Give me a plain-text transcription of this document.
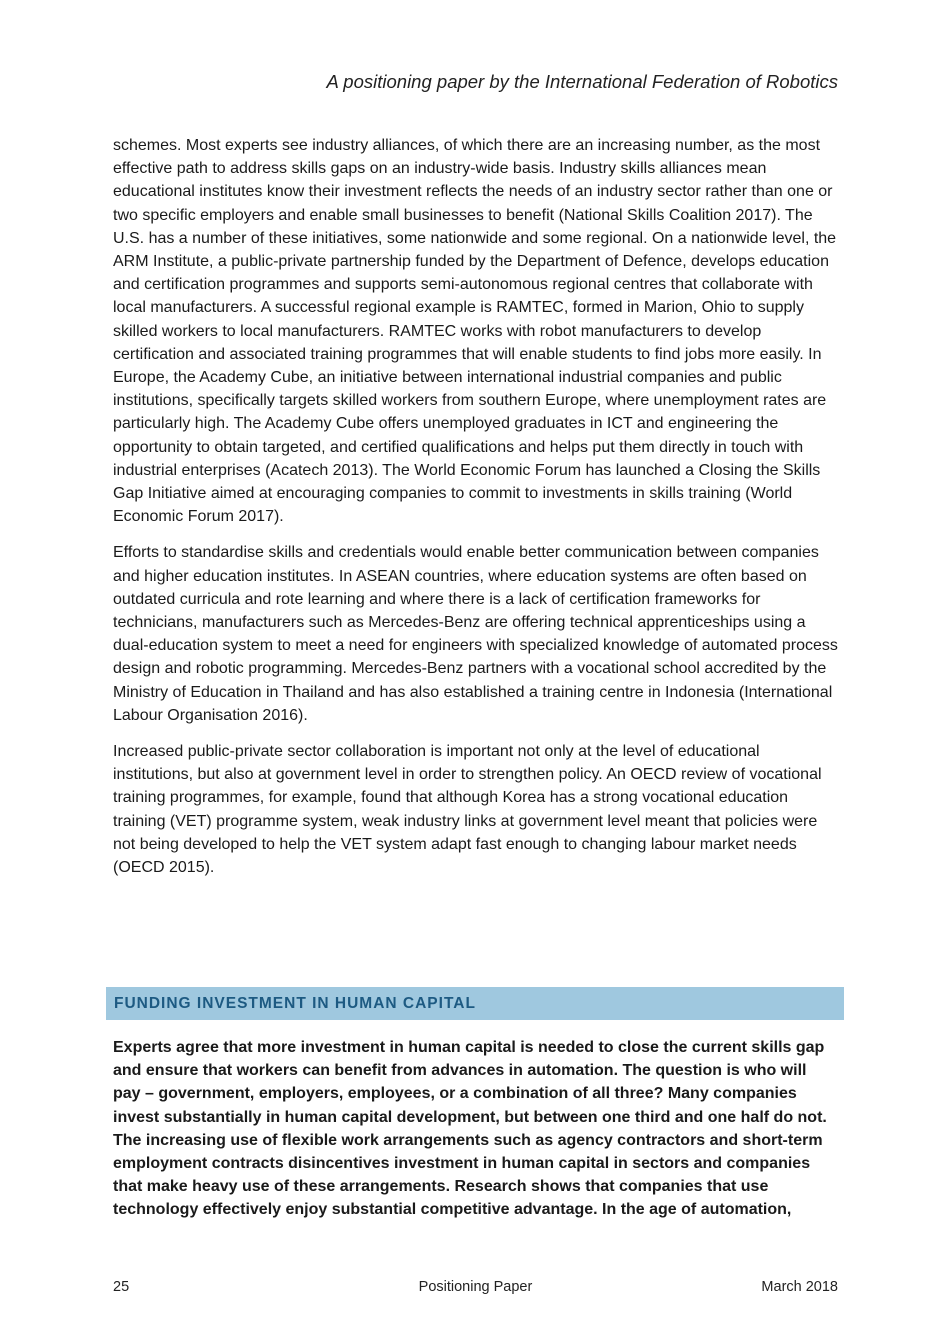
A positioning paper by the International Federation of Robotics

schemes. Most experts see industry alliances, of which there are an increasing number, as the most effective path to address skills gaps on an industry-wide basis. Industry skills alliances mean educational institutes know their investment reflects the needs of an industry sector rather than one or two specific employers and enable small businesses to benefit (National Skills Coalition 2017). The U.S. has a number of these initiatives, some nationwide and some regional. On a nationwide level, the ARM Institute, a public-private partnership funded by the Department of Defence, develops education and certification programmes and supports semi-autonomous regional centres that collaborate with local manufacturers. A successful regional example is RAMTEC, formed in Marion, Ohio to supply skilled workers to local manufacturers. RAMTEC works with robot manufacturers to develop certification and associated training programmes that will enable students to find jobs more easily. In Europe, the Academy Cube, an initiative between international industrial companies and public institutions, specifically targets skilled workers from southern Europe, where unemployment rates are particularly high. The Academy Cube offers unemployed graduates in ICT and engineering the opportunity to obtain targeted, and certified qualifications and helps put them directly in touch with industrial enterprises (Acatech 2013). The World Economic Forum has launched a Closing the Skills Gap Initiative aimed at encouraging companies to commit to investments in skills training (World Economic Forum 2017).

Efforts to standardise skills and credentials would enable better communication between companies and higher education institutes. In ASEAN countries, where education systems are often based on outdated curricula and rote learning and where there is a lack of certification frameworks for technicians, manufacturers such as Mercedes-Benz are offering technical apprenticeships using a dual-education system to meet a need for engineers with specialized knowledge of automated process design and robotic programming. Mercedes-Benz partners with a vocational school accredited by the Ministry of Education in Thailand and has also established a training centre in Indonesia (International Labour Organisation 2016).

Increased public-private sector collaboration is important not only at the level of educational institutions, but also at government level in order to strengthen policy. An OECD review of vocational training programmes, for example, found that although Korea has a strong vocational education training (VET) programme system, weak industry links at government level meant that policies were not being developed to help the VET system adapt fast enough to changing labour market needs (OECD 2015).

FUNDING INVESTMENT IN HUMAN CAPITAL

Experts agree that more investment in human capital is needed to close the current skills gap and ensure that workers can benefit from advances in automation. The question is who will pay – government, employers, employees, or a combination of all three? Many companies invest substantially in human capital development, but between one third and one half do not. The increasing use of flexible work arrangements such as agency contractors and short-term employment contracts disincentives investment in human capital in sectors and companies that make heavy use of these arrangements. Research shows that companies that use technology effectively enjoy substantial competitive advantage. In the age of automation,

25	Positioning Paper	March 2018
